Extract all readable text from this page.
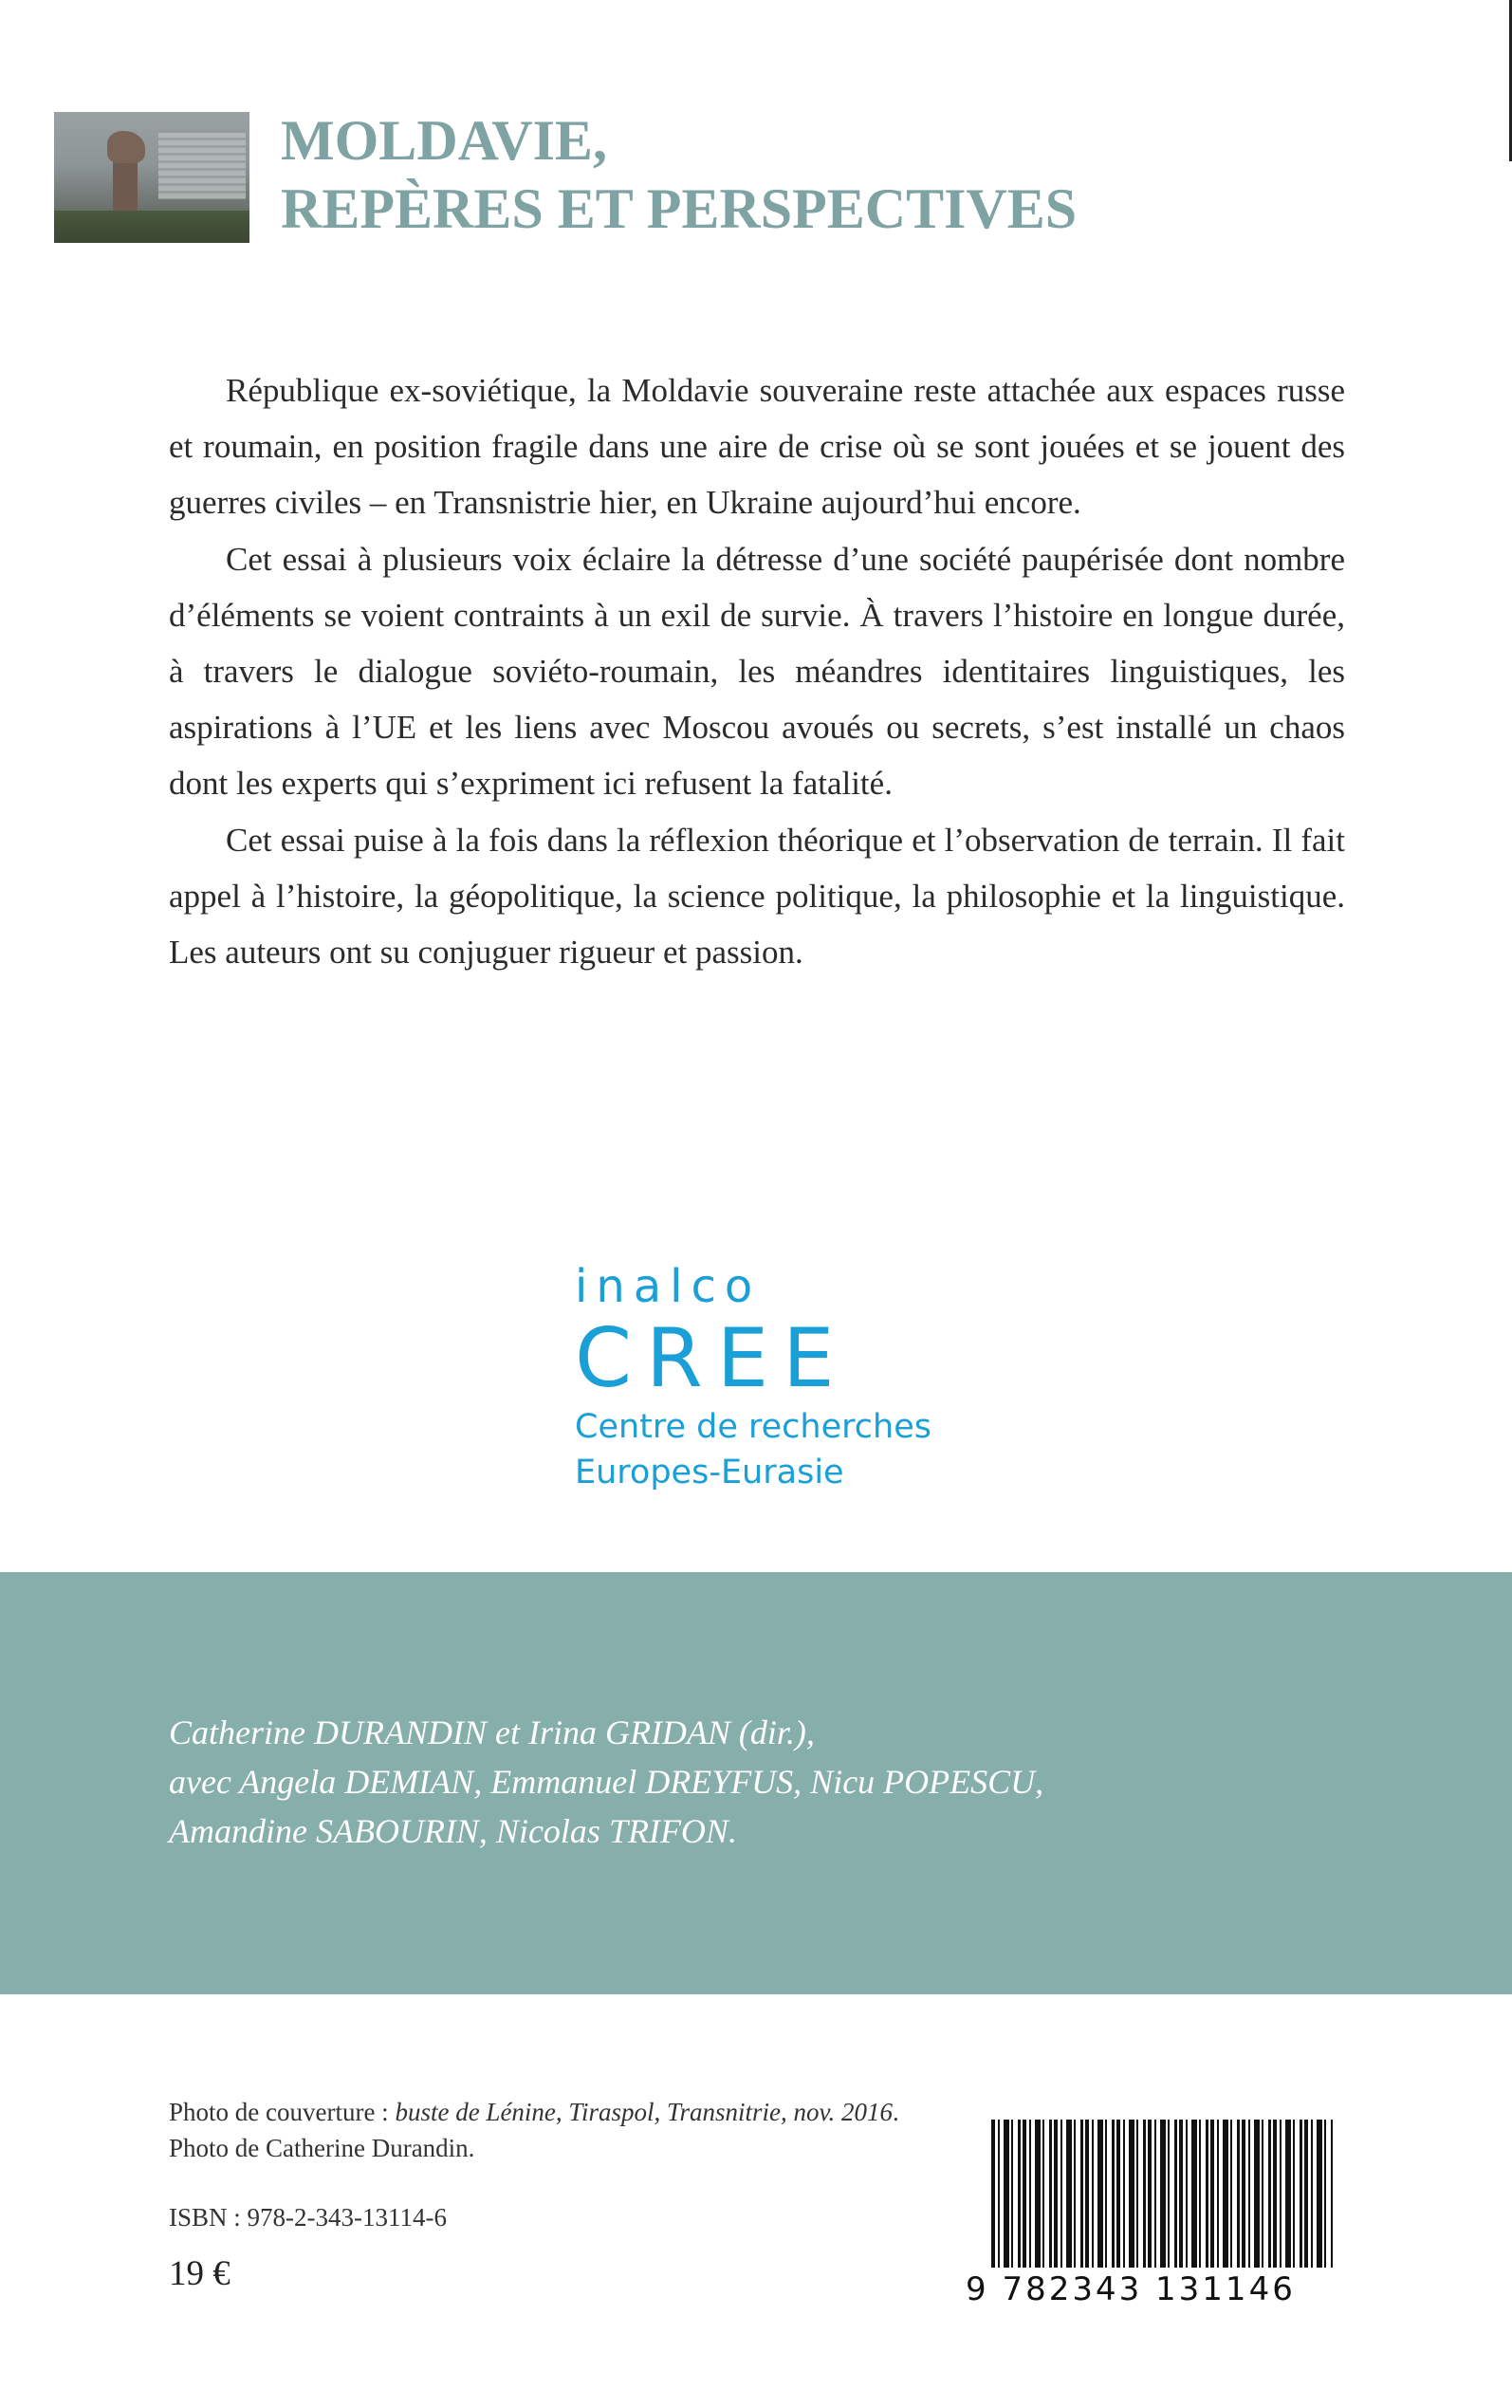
MOLDAVIE,
REPÈRES ET PERSPECTIVES

République ex-soviétique, la Moldavie souveraine reste attachée aux espaces russe et roumain, en position fragile dans une aire de crise où se sont jouées et se jouent des guerres civiles – en Transnistrie hier, en Ukraine aujourd’hui encore.

Cet essai à plusieurs voix éclaire la détresse d’une société paupérisée dont nombre d’éléments se voient contraints à un exil de survie. À travers l’histoire en longue durée, à travers le dialogue soviéto-roumain, les méandres identitaires linguistiques, les aspirations à l’UE et les liens avec Moscou avoués ou secrets, s’est installé un chaos dont les experts qui s’expriment ici refusent la fatalité.

Cet essai puise à la fois dans la réflexion théorique et l’observation de terrain. Il fait appel à l’histoire, la géopolitique, la science politique, la philosophie et la linguistique. Les auteurs ont su conjuguer rigueur et passion.

inalco
CREE
Centre de recherches
Europes-Eurasie
Catherine DURANDIN et Irina GRIDAN (dir.),
avec Angela DEMIAN, Emmanuel DREYFUS, Nicu POPESCU,
Amandine SABOURIN, Nicolas TRIFON.
Photo de couverture : buste de Lénine, Tiraspol, Transnitrie, nov. 2016. Photo de Catherine Durandin.
ISBN : 978-2-343-13114-6
19 €	9 782343 131146
